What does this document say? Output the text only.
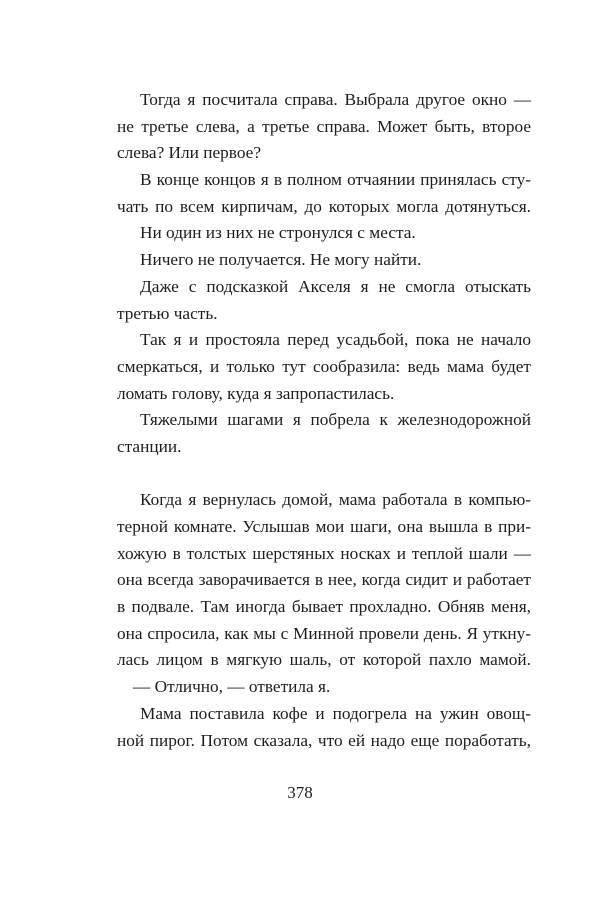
Тогда я посчитала справа. Выбрала другое окно —
не третье слева, а третье справа. Может быть, второе
слева? Или первое?
В конце концов я в полном отчаянии принялась сту-
чать по всем кирпичам, до которых могла дотянуться.
Ни один из них не стронулся с места.
Ничего не получается. Не могу найти.
Даже с подсказкой Акселя я не смогла отыскать
третью часть.
Так я и простояла перед усадьбой, пока не начало
смеркаться, и только тут сообразила: ведь мама будет
ломать голову, куда я запропастилась.
Тяжелыми шагами я побрела к железнодорожной
станции.
Когда я вернулась домой, мама работала в компью-
терной комнате. Услышав мои шаги, она вышла в при-
хожую в толстых шерстяных носках и теплой шали —
она всегда заворачивается в нее, когда сидит и работает
в подвале. Там иногда бывает прохладно. Обняв меня,
она спросила, как мы с Минной провели день. Я уткну-
лась лицом в мягкую шаль, от которой пахло мамой.
— Отлично, — ответила я.
Мама поставила кофе и подогрела на ужин овощ-
ной пирог. Потом сказала, что ей надо еще поработать,
378
